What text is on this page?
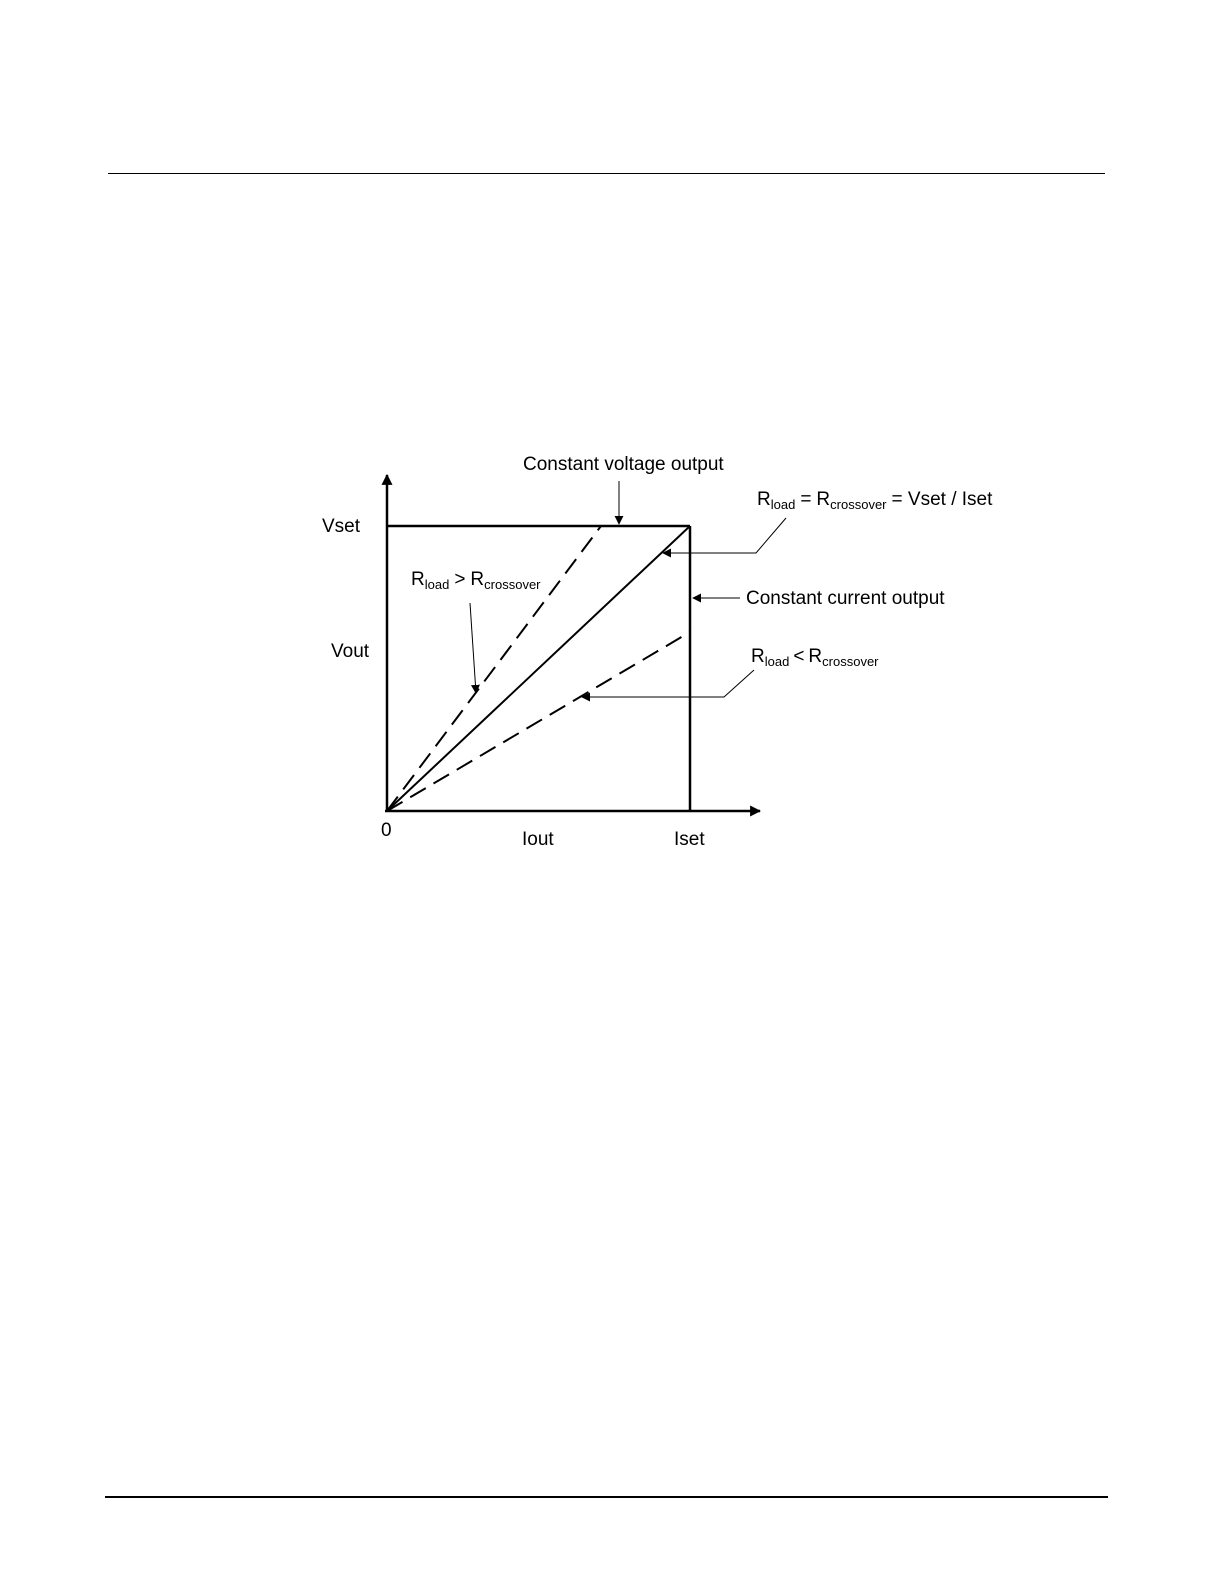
Vset
Vout
0	Iout	Iset
Constant voltage output
Constant current output
$R_{load} = R_{crossover}$ = Vset / Iset
$R_{load} > R_{crossover}$
$R_{load} < R_{crossover}$
